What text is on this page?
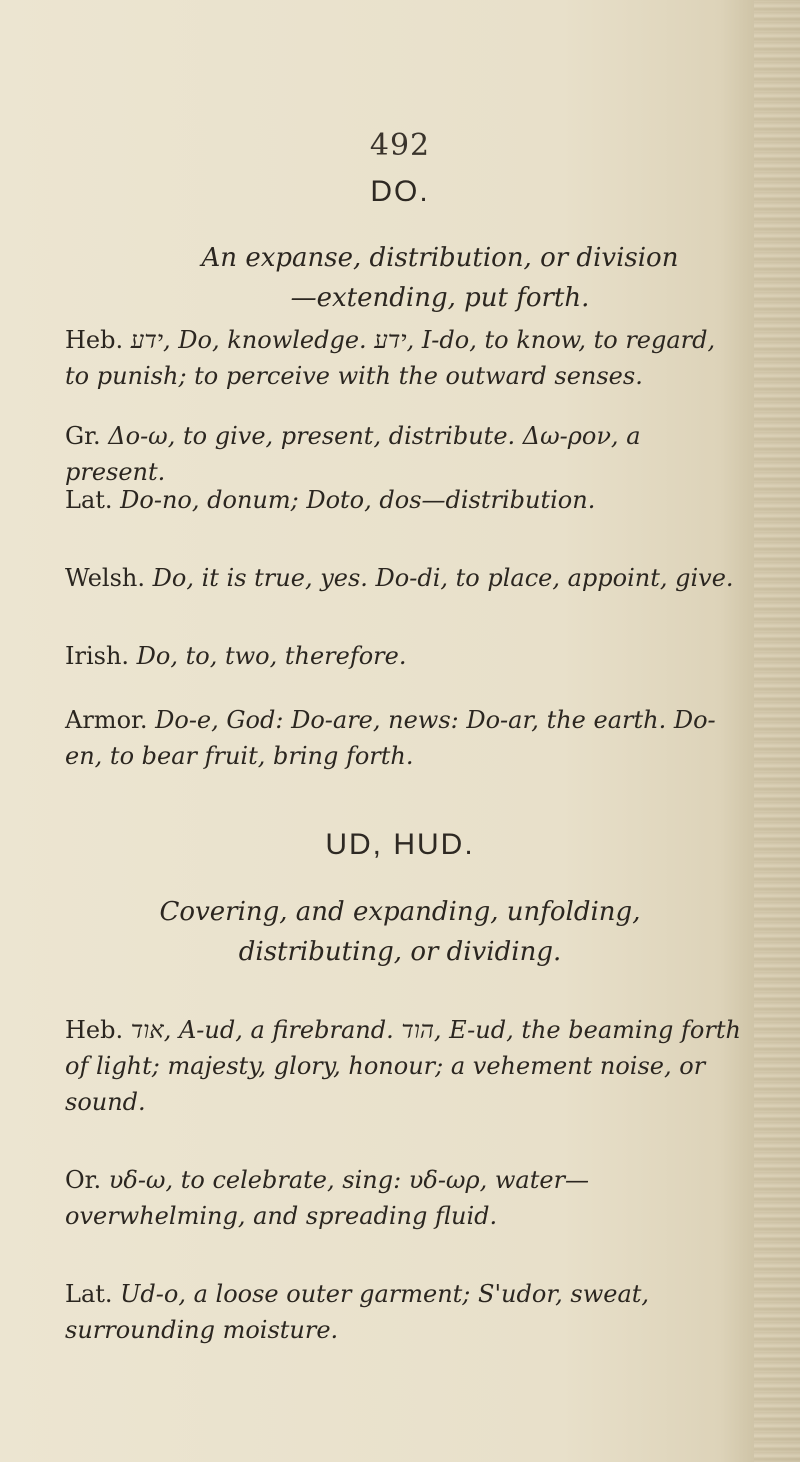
492
DO.
An expanse, distribution, or division—extending, put forth.
Heb. ידע, Do, knowledge. ידע, I-do, to know, to regard, to punish; to perceive with the outward senses.
Gr. Δο-ω, to give, present, distribute. Δω-ρον, a present.
Lat. Do-no, donum; Doto, dos—distribution.
Welsh. Do, it is true, yes. Do-di, to place, appoint, give.
Irish. Do, to, two, therefore.
Armor. Do-e, God: Do-are, news: Do-ar, the earth. Do-en, to bear fruit, bring forth.
UD, HUD.
Covering, and expanding, unfolding, distributing, or dividing.
Heb. אוד, A-ud, a firebrand. הוד, E-ud, the beaming forth of light; majesty, glory, honour; a vehement noise, or sound.
Or. υδ-ω, to celebrate, sing: υδ-ωρ, water—overwhelming, and spreading fluid.
Lat. Ud-o, a loose outer garment; S'udor, sweat, surrounding moisture.
